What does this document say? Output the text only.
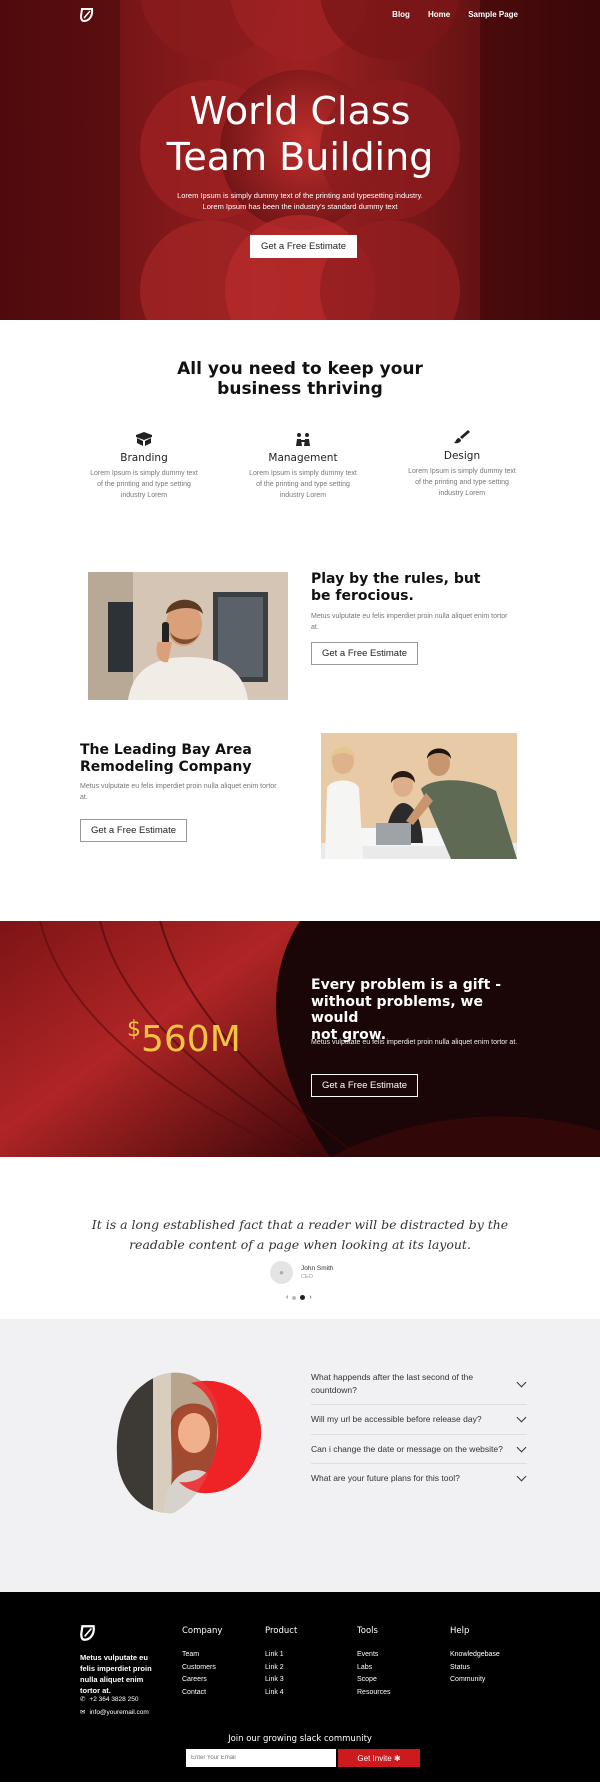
Blog Home Sample Page
World Class
Team Building

Lorem Ipsum is simply dummy text of the printing and typesetting industry.
Lorem Ipsum has been the industry's standard dummy text

Get a Free Estimate
All you need to keep your
business thriving
Branding
Lorem Ipsum is simply dummy text of the printing and type setting industry Lorem
Management
Lorem Ipsum is simply dummy text of the printing and type setting industry Lorem
Design
Lorem Ipsum is simply dummy text of the printing and type setting industry Lorem
Play by the rules, but
be ferocious.

Metus vulputate eu felis imperdiet proin nulla aliquet enim tortor at.

Get a Free Estimate
The Leading Bay Area
Remodeling Company

Metus vulputate eu felis imperdiet proin nulla aliquet enim tortor at.

Get a Free Estimate
$560M
Every problem is a gift -
without problems, we would
not grow.

Metus vulputate eu felis imperdiet proin nulla aliquet enim tortor at.

Get a Free Estimate

It is a long established fact that a reader will be distracted by the
readable content of a page when looking at its layout.

●	John Smith
CEO
‹	›

What happends after the last second of the countdown?

Will my url be accessible before release day?

Can i change the date or message on the website?

What are your future plans for this tool?

Metus vulputate eu felis imperdiet proin nulla aliquet enim tortor at.

✆ +2 364 3828 250
✉ info@youremail.com
Company
Team
Customers
Careers
Contact
Product
Link 1
Link 2
Link 3
Link 4
Tools
Events
Labs
Scope
Resources
Help
Knowledgebase
Status
Community

Join our growing slack community

Enter Your Email
Get Invite ✱
